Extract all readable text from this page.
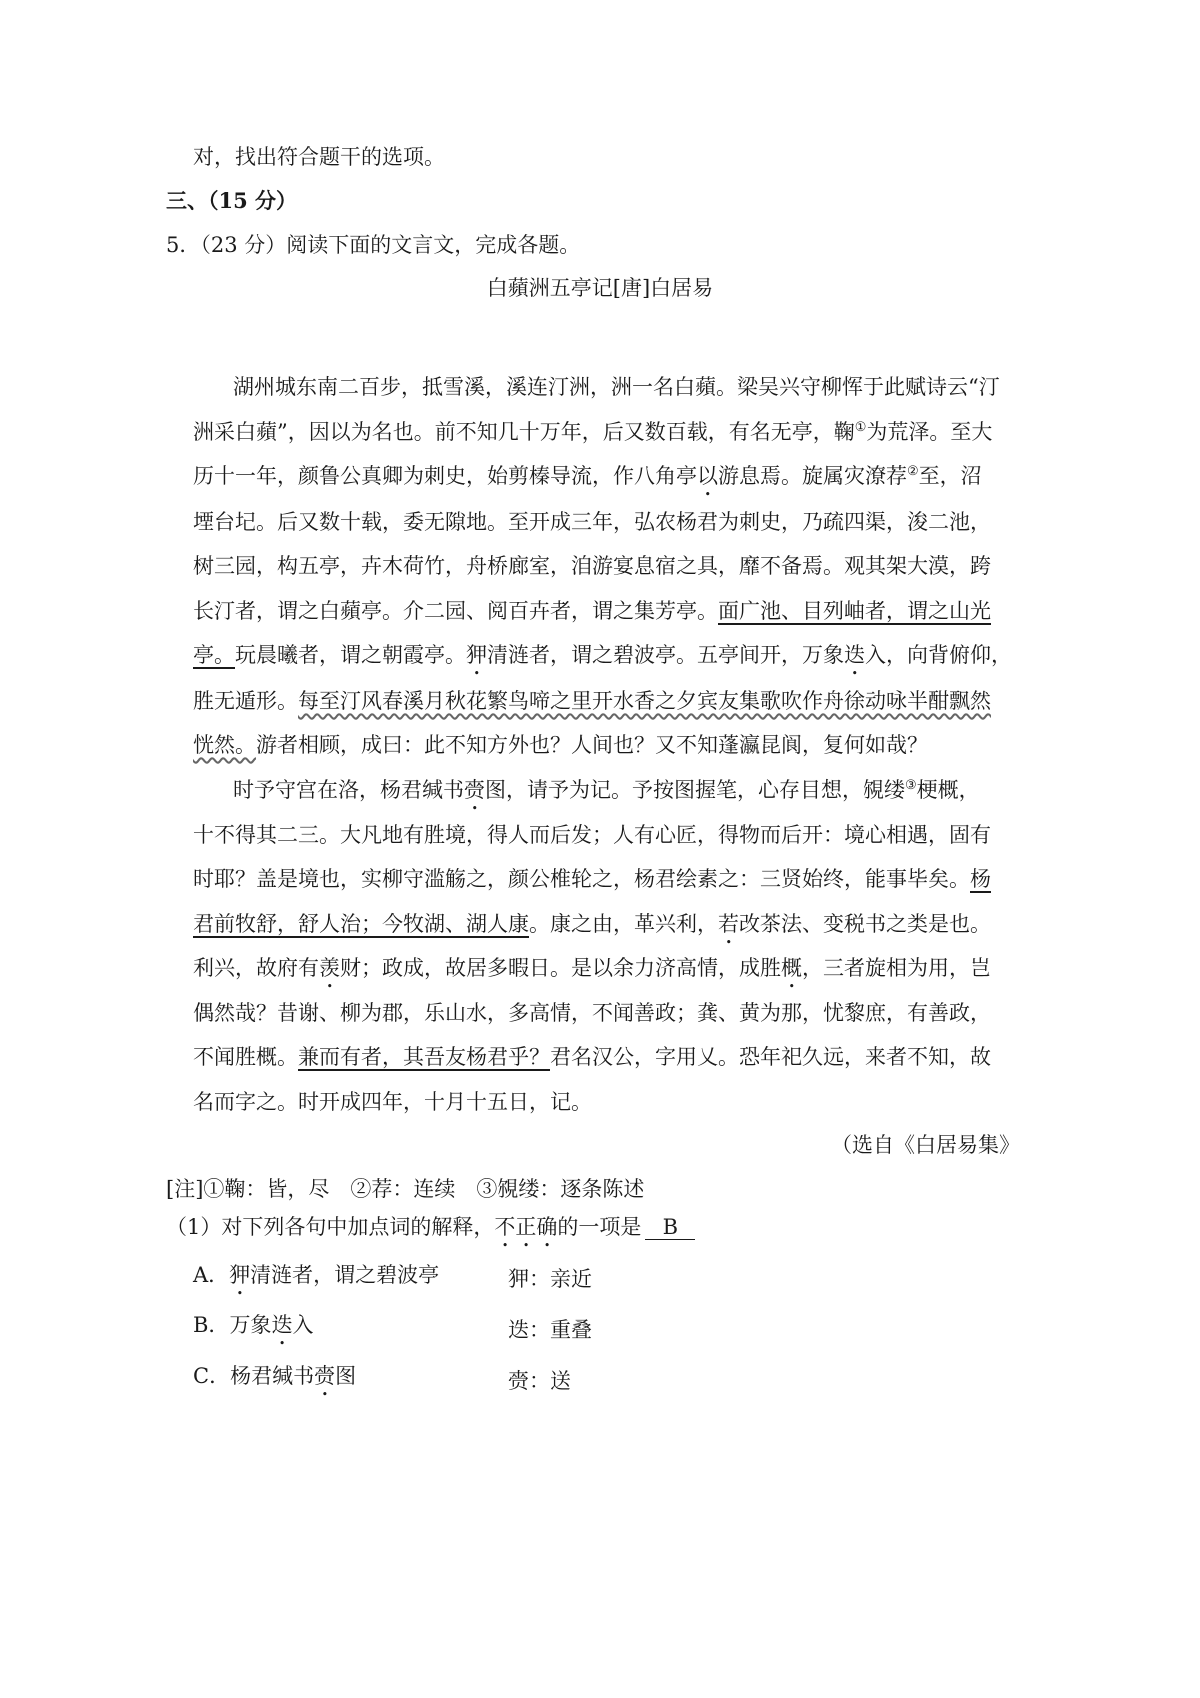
对，找出符合题干的选项。
三、（15 分）
5．（23 分）阅读下面的文言文，完成各题。
白蘋洲五亭记[唐]白居易
湖州城东南二百步，抵雪溪，溪连汀洲，洲一名白蘋。梁吴兴守柳恽于此赋诗云“汀
洲采白蘋”，因以为名也。前不知几十万年，后又数百载，有名无亭，鞠①为荒泽。至大
历十一年，颜鲁公真卿为刺史，始剪榛导流，作八角亭以游息焉。旋属灾潦荐②至，沼
堙台圮。后又数十载，委无隙地。至开成三年，弘农杨君为刺史，乃疏四渠，浚二池，
树三园，构五亭，卉木荷竹，舟桥廊室，洎游宴息宿之具，靡不备焉。观其架大漠，跨
长汀者，谓之白蘋亭。介二园、阅百卉者，谓之集芳亭。面广池、目列岫者，谓之山光
亭。玩晨曦者，谓之朝霞亭。狎清涟者，谓之碧波亭。五亭间开，万象迭入，向背俯仰，
胜无遁形。每至汀风春溪月秋花繁鸟啼之里开水香之夕宾友集歌吹作舟徐动咏半酣飘然
恍然。游者相顾，成曰：此不知方外也？人间也？又不知蓬瀛昆阆，复何如哉？
时予守宫在洛，杨君缄书赍图，请予为记。予按图握笔，心存目想，覙缕③梗概，
十不得其二三。大凡地有胜境，得人而后发；人有心匠，得物而后开：境心相遇，固有
时耶？盖是境也，实柳守滥觞之，颜公椎轮之，杨君绘素之：三贤始终，能事毕矣。杨
君前牧舒，舒人治；今牧湖、湖人康。康之由，革兴利，若改茶法、变税书之类是也。
利兴，故府有羡财；政成，故居多暇日。是以余力济高情，成胜概，三者旋相为用，岂
偶然哉？昔谢、柳为郡，乐山水，多高情，不闻善政；龚、黄为那，忧黎庶，有善政，
不闻胜概。兼而有者，其吾友杨君乎？君名汉公，字用乂。恐年祀久远，来者不知，故
名而字之。时开成四年，十月十五日，记。
（选自《白居易集》
[注]①鞠：皆，尽　②荐：连续　③覙缕：逐条陈述
（1）对下列各句中加点词的解释，不正确的一项是 B
A．狎清涟者，谓之碧波亭	狎：亲近
B．万象迭入	迭：重叠
C．杨君缄书赍图	赍：送
